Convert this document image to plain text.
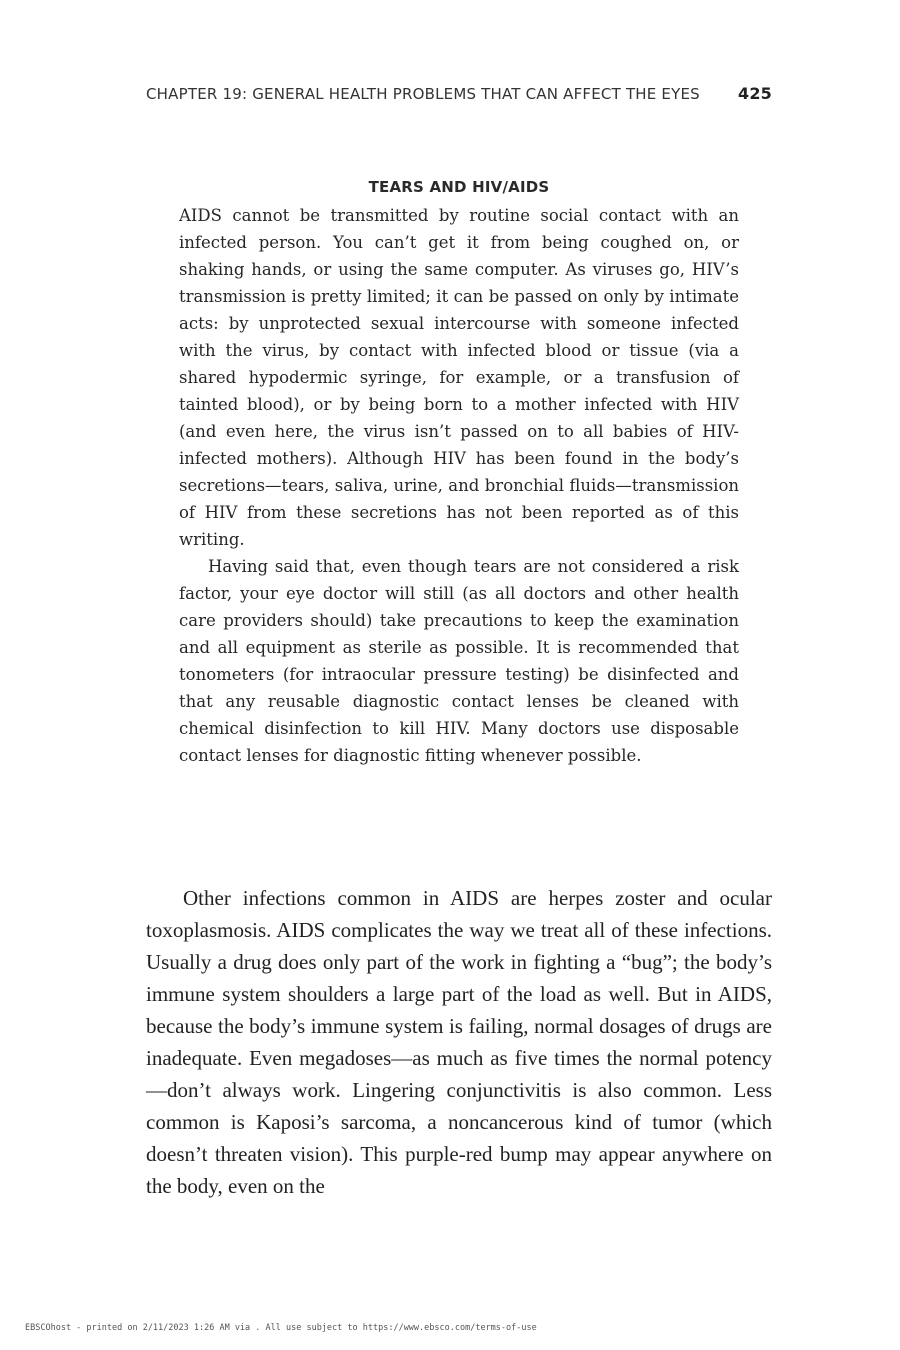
CHAPTER 19: GENERAL HEALTH PROBLEMS THAT CAN AFFECT THE EYES 425
TEARS AND HIV/AIDS

AIDS cannot be transmitted by routine social contact with an infected person. You can’t get it from being coughed on, or shaking hands, or using the same computer. As viruses go, HIV’s transmission is pretty limited; it can be passed on only by intimate acts: by unprotected sexual intercourse with someone infected with the virus, by contact with infected blood or tissue (via a shared hypodermic syringe, for example, or a transfusion of tainted blood), or by being born to a mother infected with HIV (and even here, the virus isn’t passed on to all babies of HIV-infected mothers). Although HIV has been found in the body’s secretions—tears, saliva, urine, and bronchial fluids—transmission of HIV from these secretions has not been reported as of this writing.

Having said that, even though tears are not considered a risk factor, your eye doctor will still (as all doctors and other health care providers should) take precautions to keep the examination and all equipment as sterile as possible. It is recommended that tonometers (for intraocular pressure testing) be disinfected and that any reusable diagnostic contact lenses be cleaned with chemical disinfection to kill HIV. Many doctors use disposable contact lenses for diagnostic fitting whenever possible.

Other infections common in AIDS are herpes zoster and ocular toxoplasmosis. AIDS complicates the way we treat all of these infections. Usually a drug does only part of the work in fighting a “bug”; the body’s immune system shoulders a large part of the load as well. But in AIDS, because the body’s immune system is failing, normal dosages of drugs are inadequate. Even megadoses—as much as five times the normal potency—don’t always work. Lingering conjunctivitis is also common. Less common is Kaposi’s sarcoma, a noncancerous kind of tumor (which doesn’t threaten vision). This purple-red bump may appear anywhere on the body, even on the

EBSCOhost - printed on 2/11/2023 1:26 AM via . All use subject to https://www.ebsco.com/terms-of-use
